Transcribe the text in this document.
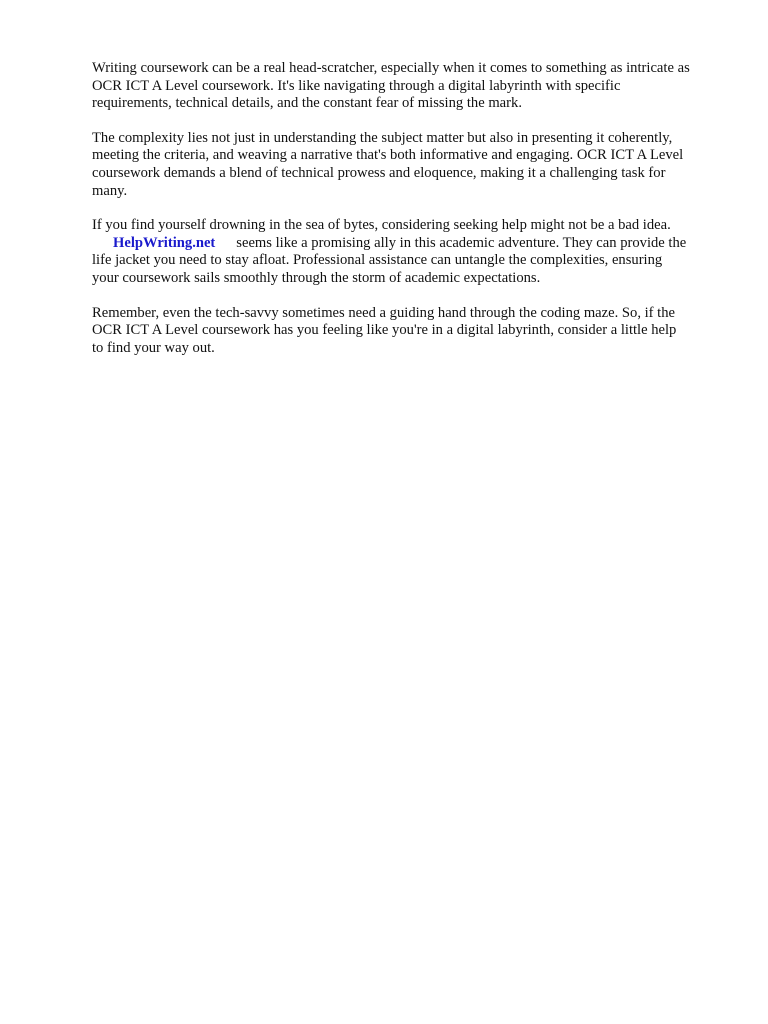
Writing coursework can be a real head-scratcher, especially when it comes to something as intricate as
OCR ICT A Level coursework. It's like navigating through a digital labyrinth with specific
requirements, technical details, and the constant fear of missing the mark.

The complexity lies not just in understanding the subject matter but also in presenting it coherently,
meeting the criteria, and weaving a narrative that's both informative and engaging. OCR ICT A Level
coursework demands a blend of technical prowess and eloquence, making it a challenging task for
many.

If you find yourself drowning in the sea of bytes, considering seeking help might not be a bad idea.
HelpWriting.net seems like a promising ally in this academic adventure. They can provide the
life jacket you need to stay afloat. Professional assistance can untangle the complexities, ensuring
your coursework sails smoothly through the storm of academic expectations.

Remember, even the tech-savvy sometimes need a guiding hand through the coding maze. So, if the
OCR ICT A Level coursework has you feeling like you're in a digital labyrinth, consider a little help
to find your way out.
